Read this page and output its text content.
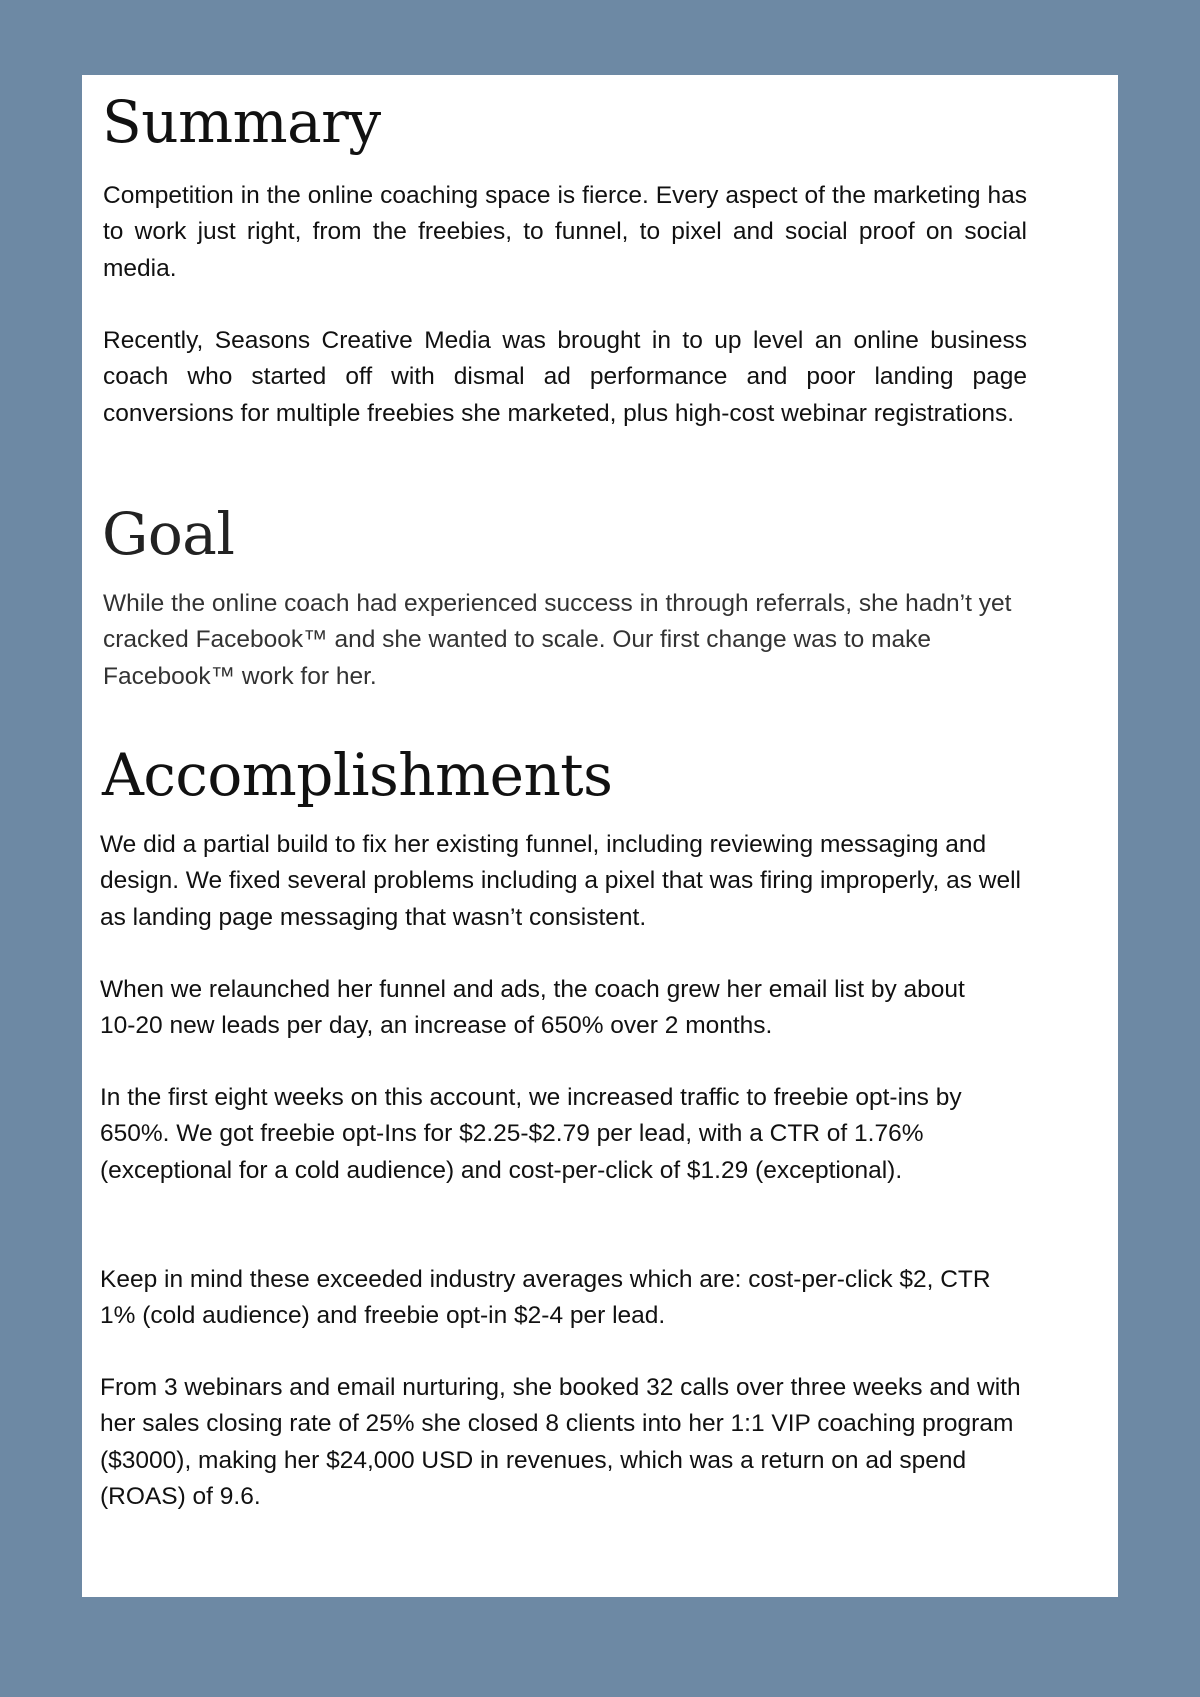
Summary

Competition in the online coaching space is fierce. Every aspect of the marketing has to work just right, from the freebies, to funnel, to pixel and social proof on social media.

Recently, Seasons Creative Media was brought in to up level an online business coach who started off with dismal ad performance and poor landing page conversions for multiple freebies she marketed, plus high-cost webinar registrations.

Goal

While the online coach had experienced success in through referrals, she hadn’t yet cracked Facebook™ and she wanted to scale. Our first change was to make Facebook™ work for her.

Accomplishments

We did a partial build to fix her existing funnel, including reviewing messaging and design. We fixed several problems including a pixel that was firing improperly, as well as landing page messaging that wasn’t consistent.

When we relaunched her funnel and ads, the coach grew her email list by about 10-20 new leads per day, an increase of 650% over 2 months.

In the first eight weeks on this account, we increased traffic to freebie opt-ins by 650%. We got freebie opt-Ins for $2.25-$2.79 per lead, with a CTR of 1.76% (exceptional for a cold audience) and cost-per-click of $1.29 (exceptional).

Keep in mind these exceeded industry averages which are: cost-per-click $2, CTR 1% (cold audience) and freebie opt-in $2-4 per lead.

From 3 webinars and email nurturing, she booked 32 calls over three weeks and with her sales closing rate of 25% she closed 8 clients into her 1:1 VIP coaching program ($3000), making her $24,000 USD in revenues, which was a return on ad spend (ROAS) of 9.6.
